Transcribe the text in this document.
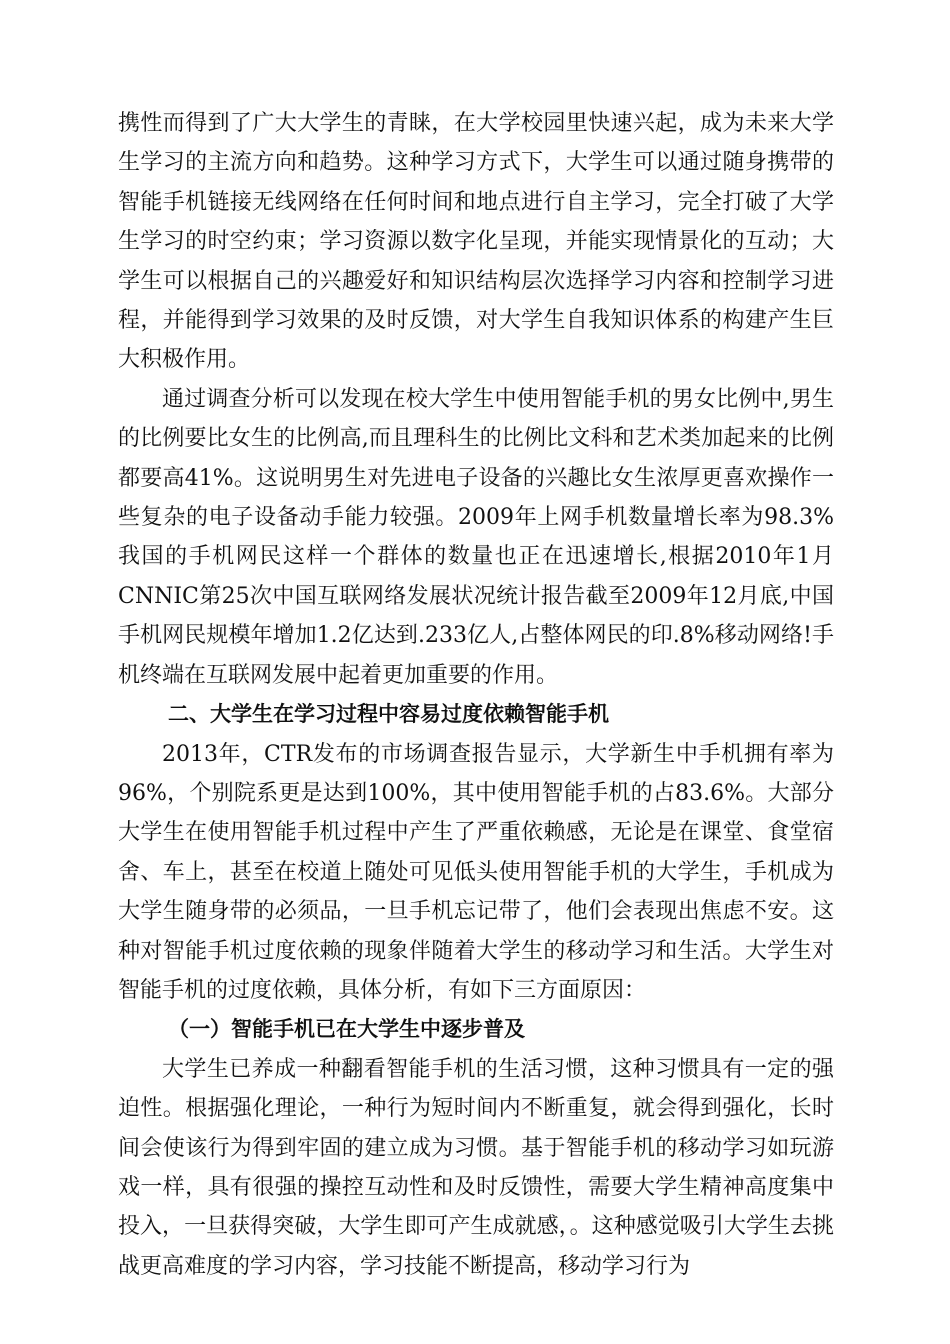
携性而得到了广大大学生的青睐，在大学校园里快速兴起，成为未来大学生学习的主流方向和趋势。这种学习方式下，大学生可以通过随身携带的智能手机链接无线网络在任何时间和地点进行自主学习，完全打破了大学生学习的时空约束；学习资源以数字化呈现，并能实现情景化的互动；大学生可以根据自己的兴趣爱好和知识结构层次选择学习内容和控制学习进程，并能得到学习效果的及时反馈，对大学生自我知识体系的构建产生巨大积极作用。

通过调查分析可以发现在校大学生中使用智能手机的男女比例中,男生的比例要比女生的比例高,而且理科生的比例比文科和艺术类加起来的比例都要高41%。这说明男生对先进电子设备的兴趣比女生浓厚更喜欢操作一些复杂的电子设备动手能力较强。2009年上网手机数量增长率为98.3%我国的手机网民这样一个群体的数量也正在迅速增长,根据2010年1月CNNIC第25次中国互联网络发展状况统计报告截至2009年12月底,中国手机网民规模年增加1.2亿达到.233亿人,占整体网民的印.8%移动网络!手机终端在互联网发展中起着更加重要的作用。

二、大学生在学习过程中容易过度依赖智能手机

2013年，CTR发布的市场调查报告显示，大学新生中手机拥有率为96%，个别院系更是达到100%，其中使用智能手机的占83.6%。大部分大学生在使用智能手机过程中产生了严重依赖感，无论是在课堂、食堂宿舍、车上，甚至在校道上随处可见低头使用智能手机的大学生，手机成为大学生随身带的必须品，一旦手机忘记带了，他们会表现出焦虑不安。这种对智能手机过度依赖的现象伴随着大学生的移动学习和生活。大学生对智能手机的过度依赖，具体分析，有如下三方面原因：

（一）智能手机已在大学生中逐步普及

大学生已养成一种翻看智能手机的生活习惯，这种习惯具有一定的强迫性。根据强化理论，一种行为短时间内不断重复，就会得到强化，长时间会使该行为得到牢固的建立成为习惯。基于智能手机的移动学习如玩游戏一样，具有很强的操控互动性和及时反馈性，需要大学生精神高度集中投入，一旦获得突破，大学生即可产生成就感，。这种感觉吸引大学生去挑战更高难度的学习内容，学习技能不断提高，移动学习行为
